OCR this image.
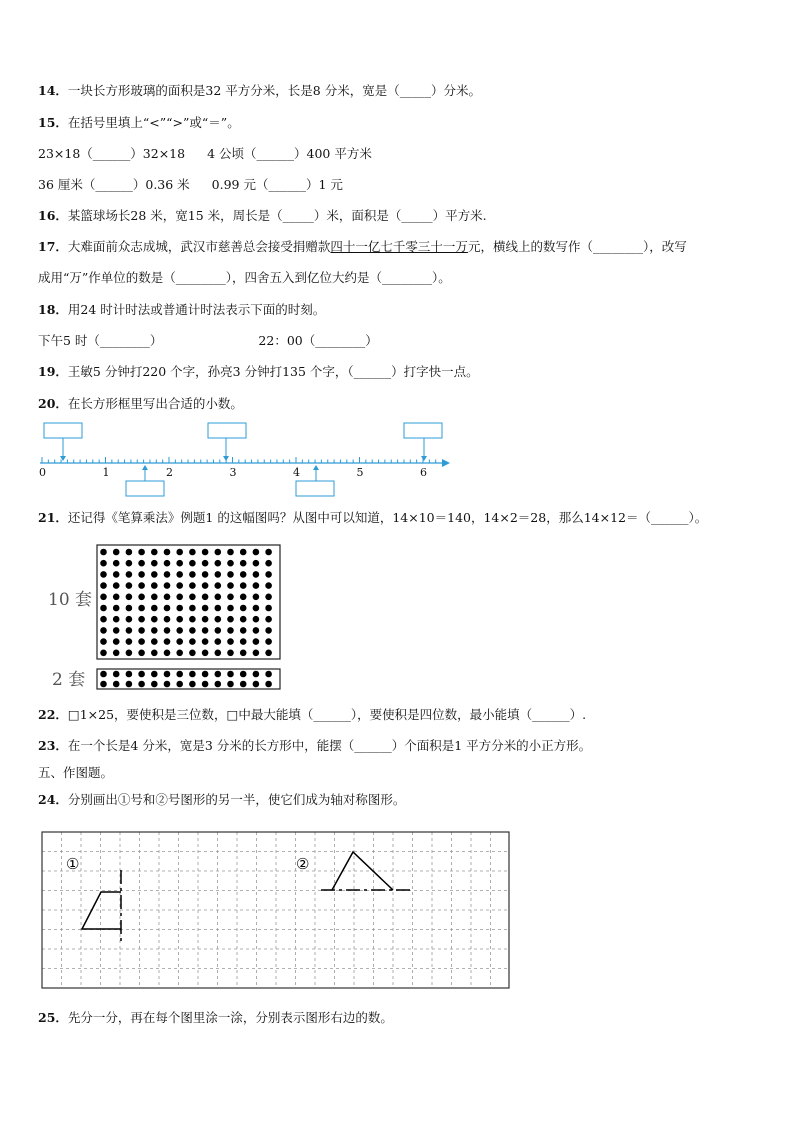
14．一块长方形玻璃的面积是32 平方分米，长是8 分米，宽是（_____）分米。
15．在括号里填上“<”“>”或“＝”。
23×18（______）32×18 4 公顷（______）400 平方米
36 厘米（______）0.36 米 0.99 元（______）1 元
16．某篮球场长28 米，宽15 米，周长是（_____）米，面积是（_____）平方米.
17．大难面前众志成城，武汉市慈善总会接受捐赠款四十一亿七千零三十一万元，横线上的数写作（________），改写
成用“万”作单位的数是（________），四舍五入到亿位大约是（________）。
18．用24 时计时法或普通计时法表示下面的时刻。
下午5 时（________）	22：00（________）
19．王敏5 分钟打220 个字，孙亮3 分钟打135 个字，（______）打字快一点。
20．在长方形框里写出合适的小数。
0	1	2	3	4	5	6
21．还记得《笔算乘法》例题1 的这幅图吗？从图中可以知道，14×10＝140，14×2＝28，那么14×12＝（______）。
10 套
2 套
22．□1×25，要使积是三位数，□中最大能填（______），要使积是四位数，最小能填（______）.
23．在一个长是4 分米，宽是3 分米的长方形中，能摆（______）个面积是1 平方分米的小正方形。
五、作图题。
24．分别画出①号和②号图形的另一半，使它们成为轴对称图形。
①	②
25．先分一分，再在每个图里涂一涂，分别表示图形右边的数。
